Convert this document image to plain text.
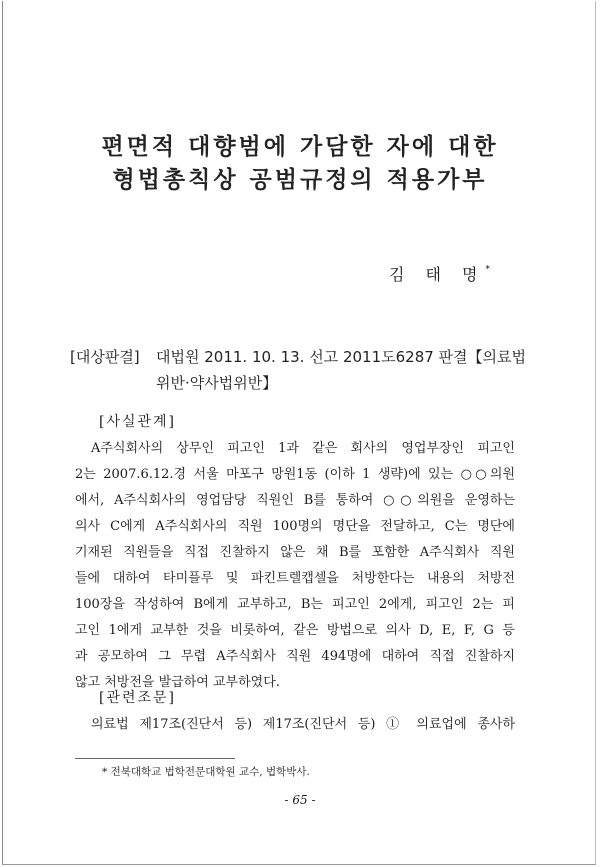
편면적 대향범에 가담한 자에 대한
형법총칙상 공범규정의 적용가부
김 태 명*
[대상판결] 대법원 2011. 10. 13. 선고 2011도6287 판결【의료법
위반·약사법위반】
[사실관계]
A주식회사의 상무인 피고인 1과 같은 회사의 영업부장인 피고인
2는 2007.6.12.경 서울 마포구 망원1동 (이하 1 생략)에 있는 ○○의원
에서, A주식회사의 영업담당 직원인 B를 통하여 ○○의원을 운영하는
의사 C에게 A주식회사의 직원 100명의 명단을 전달하고, C는 명단에
기재된 직원들을 직접 진찰하지 않은 채 B를 포함한 A주식회사 직원
들에 대하여 타미플루 및 파킨트렐캡셀을 처방한다는 내용의 처방전
100장을 작성하여 B에게 교부하고, B는 피고인 2에게, 피고인 2는 피
고인 1에게 교부한 것을 비롯하여, 같은 방법으로 의사 D, E, F, G 등
과 공모하여 그 무렵 A주식회사 직원 494명에 대하여 직접 진찰하지
않고 처방전을 발급하여 교부하였다.
[관련조문]
의료법 제17조(진단서 등) 제17조(진단서 등) ① 의료업에 종사하
* 전북대학교 법학전문대학원 교수, 법학박사.
- 65 -
